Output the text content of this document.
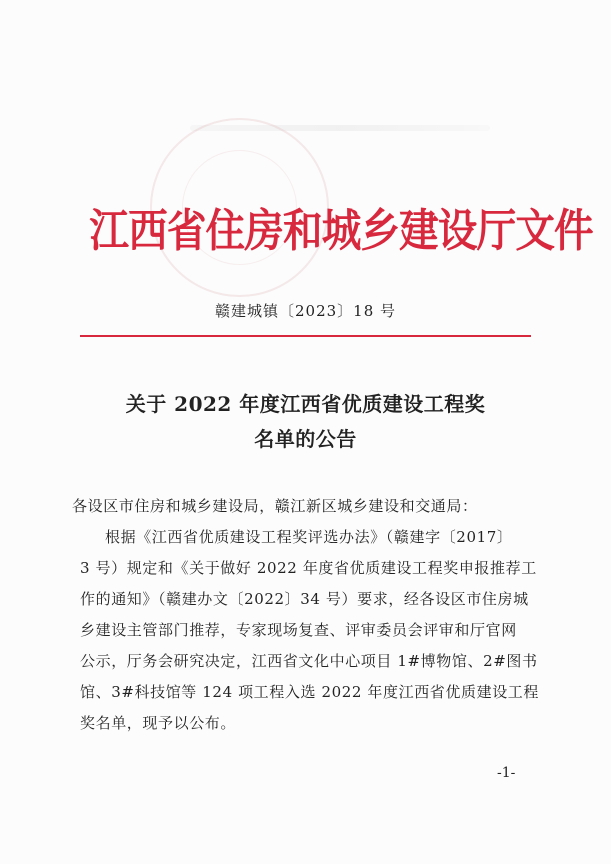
江西省住房和城乡建设厅文件
赣建城镇〔2023〕18 号
关于 2022 年度江西省优质建设工程奖
名单的公告
各设区市住房和城乡建设局，赣江新区城乡建设和交通局：
根据《江西省优质建设工程奖评选办法》（赣建字〔2017〕
3 号）规定和《关于做好 2022 年度省优质建设工程奖申报推荐工
作的通知》（赣建办文〔2022〕34 号）要求，经各设区市住房城
乡建设主管部门推荐，专家现场复查、评审委员会评审和厅官网
公示，厅务会研究决定，江西省文化中心项目 1#博物馆、2#图书
馆、3#科技馆等 124 项工程入选 2022 年度江西省优质建设工程
奖名单，现予以公布。
-1-
